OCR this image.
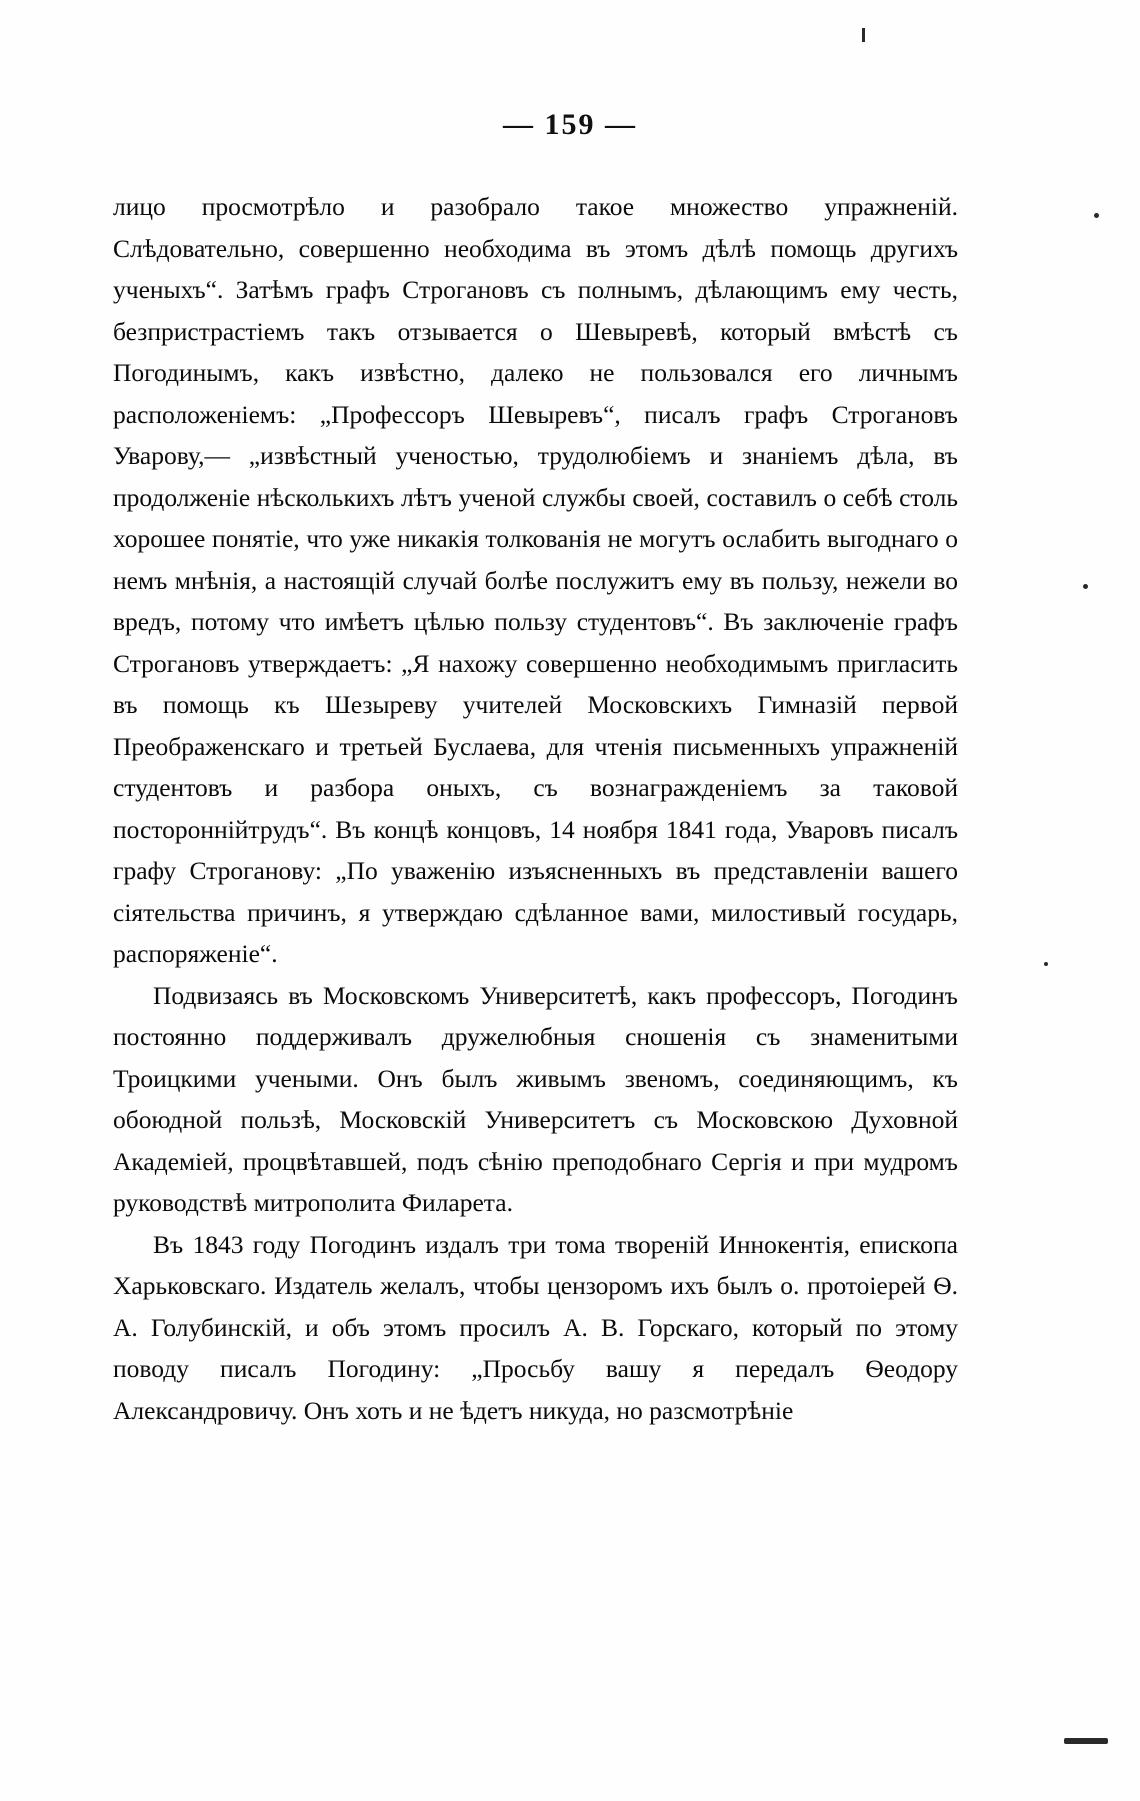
— 159 —

лицо просмотрѣло и разобрало такое множество упражненій. Слѣдовательно, совершенно необходима въ этомъ дѣлѣ помощь другихъ ученыхъ“. Затѣмъ графъ Строгановъ съ полнымъ, дѣлающимъ ему честь, безпристрастіемъ такъ отзывается о Шевыревѣ, который вмѣстѣ съ Погодинымъ, какъ извѣстно, далеко не пользовался его личнымъ расположеніемъ: „Профессоръ Шевыревъ“, писалъ графъ Строгановъ Уварову,— „извѣстный ученостью, трудолюбіемъ и знаніемъ дѣла, въ продолженіе нѣсколькихъ лѣтъ ученой службы своей, составилъ о себѣ столь хорошее понятіе, что уже никакія толкованія не могутъ ослабить выгоднаго о немъ мнѣнія, а настоящій случай болѣе послужитъ ему въ пользу, нежели во вредъ, потому что имѣетъ цѣлью пользу студентовъ“. Въ заключеніе графъ Строгановъ утверждаетъ: „Я нахожу совершенно необходимымъ пригласить въ помощь къ Шезыреву учителей Московскихъ Гимназій первой Преображенскаго и третьей Буслаева, для чтенія письменныхъ упражненій студентовъ и разбора оныхъ, съ вознагражденіемъ за таковой постороннійтрудъ“. Въ концѣ концовъ, 14 ноября 1841 года, Уваровъ писалъ графу Строганову: „По уваженію изъясненныхъ въ представленіи вашего сіятельства причинъ, я утверждаю сдѣланное вами, милостивый государь, распоряженіе“.

Подвизаясь въ Московскомъ Университетѣ, какъ профессоръ, Погодинъ постоянно поддерживалъ дружелюбныя сношенія съ знаменитыми Троицкими учеными. Онъ былъ живымъ звеномъ, соединяющимъ, къ обоюдной пользѣ, Московскій Университетъ съ Московскою Духовной Академіей, процвѣтавшей, подъ сѣнію преподобнаго Сергія и при мудромъ руководствѣ митрополита Филарета.

Въ 1843 году Погодинъ издалъ три тома твореній Иннокентія, епископа Харьковскаго. Издатель желалъ, чтобы цензоромъ ихъ былъ о. протоіерей Ѳ. А. Голубинскій, и объ этомъ просилъ А. В. Горскаго, который по этому поводу писалъ Погодину: „Просьбу вашу я передалъ Ѳеодору Александровичу. Онъ хоть и не ѣдетъ никуда, но разсмотрѣніе
